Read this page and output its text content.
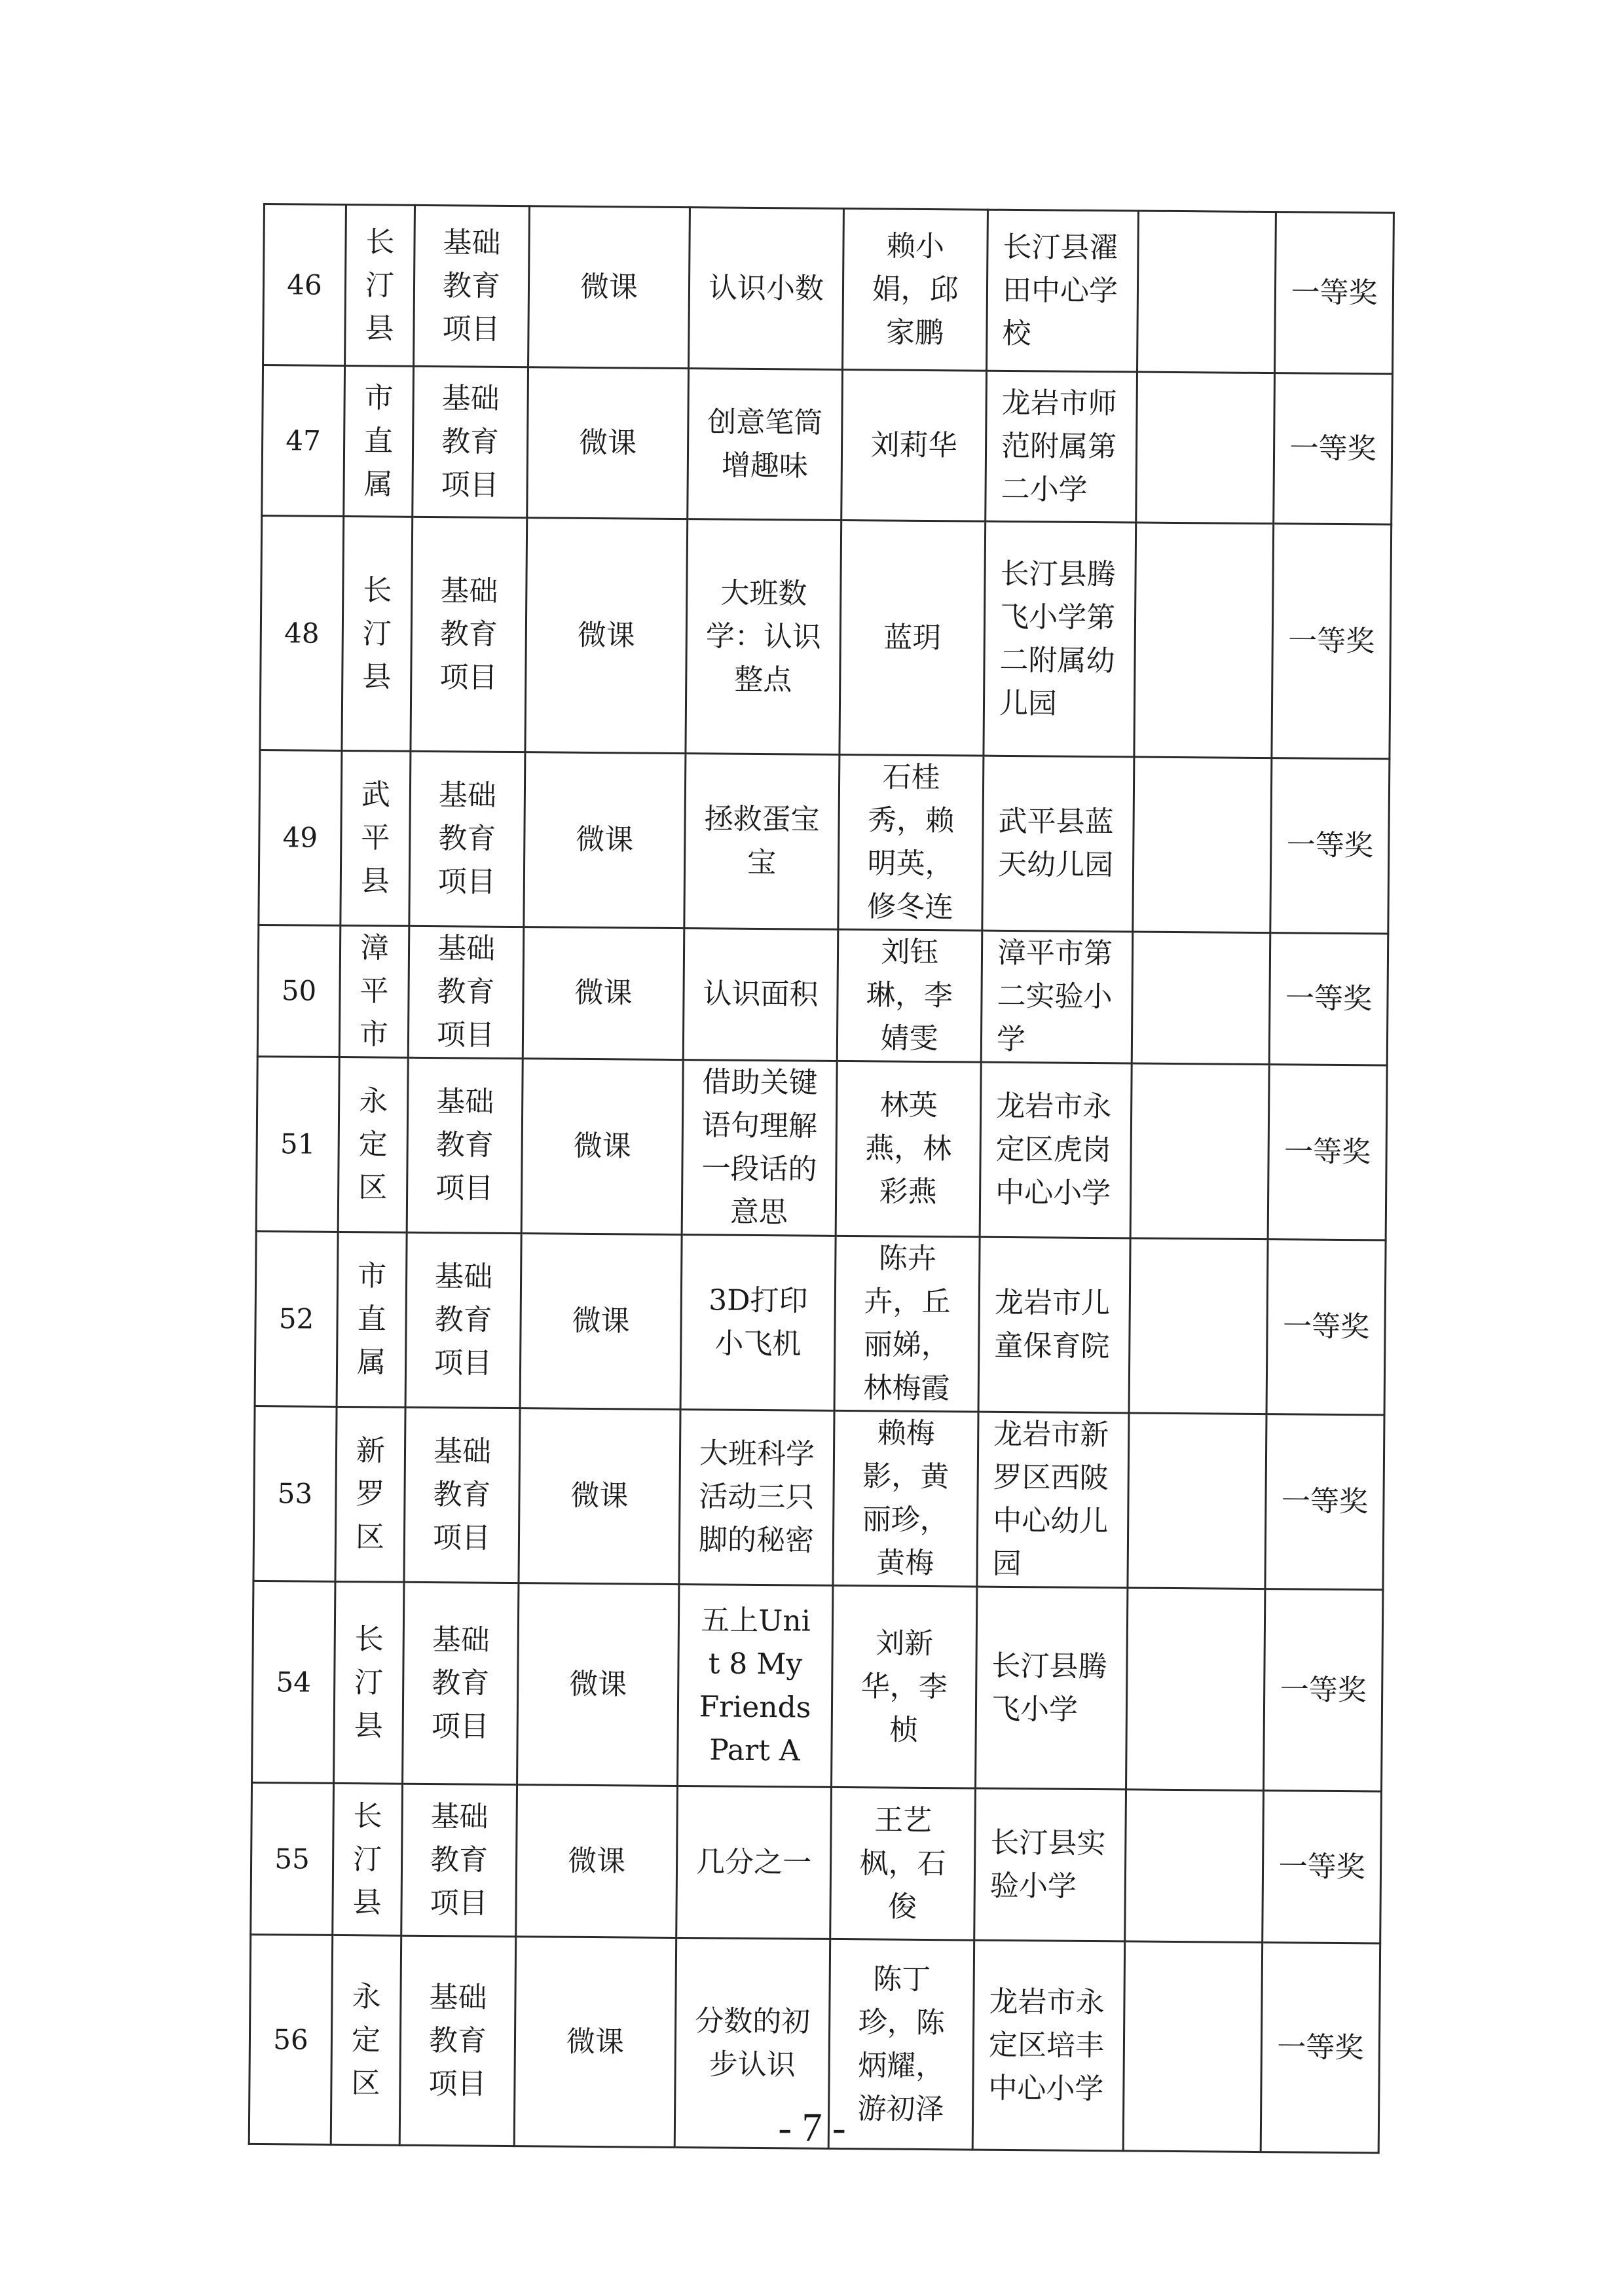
46	长汀县	基础教育项目	微课	认识小数	赖小娟，邱家鹏	长汀县濯田中心学校		一等奖
47	市直属	基础教育项目	微课	创意笔筒增趣味	刘莉华	龙岩市师范附属第二小学		一等奖
48	长汀县	基础教育项目	微课	大班数学：认识整点	蓝玥	长汀县腾飞小学第二附属幼儿园		一等奖
49	武平县	基础教育项目	微课	拯救蛋宝宝	石桂秀，赖明英，修冬连	武平县蓝天幼儿园		一等奖
50	漳平市	基础教育项目	微课	认识面积	刘钰琳，李婧雯	漳平市第二实验小学		一等奖
51	永定区	基础教育项目	微课	借助关键语句理解一段话的意思	林英燕，林彩燕	龙岩市永定区虎岗中心小学		一等奖
52	市直属	基础教育项目	微课	3D打印小飞机	陈卉卉，丘丽娣，林梅霞	龙岩市儿童保育院		一等奖
53	新罗区	基础教育项目	微课	大班科学活动三只脚的秘密	赖梅影，黄丽珍，黄梅	龙岩市新罗区西陂中心幼儿园		一等奖
54	长汀县	基础教育项目	微课	五上Unit 8 My Friends Part A	刘新华，李桢	长汀县腾飞小学		一等奖
55	长汀县	基础教育项目	微课	几分之一	王艺枫，石俊	长汀县实验小学		一等奖
56	永定区	基础教育项目	微课	分数的初步认识	陈丁珍，陈炳耀，游初泽	龙岩市永定区培丰中心小学		一等奖
- 7 -
